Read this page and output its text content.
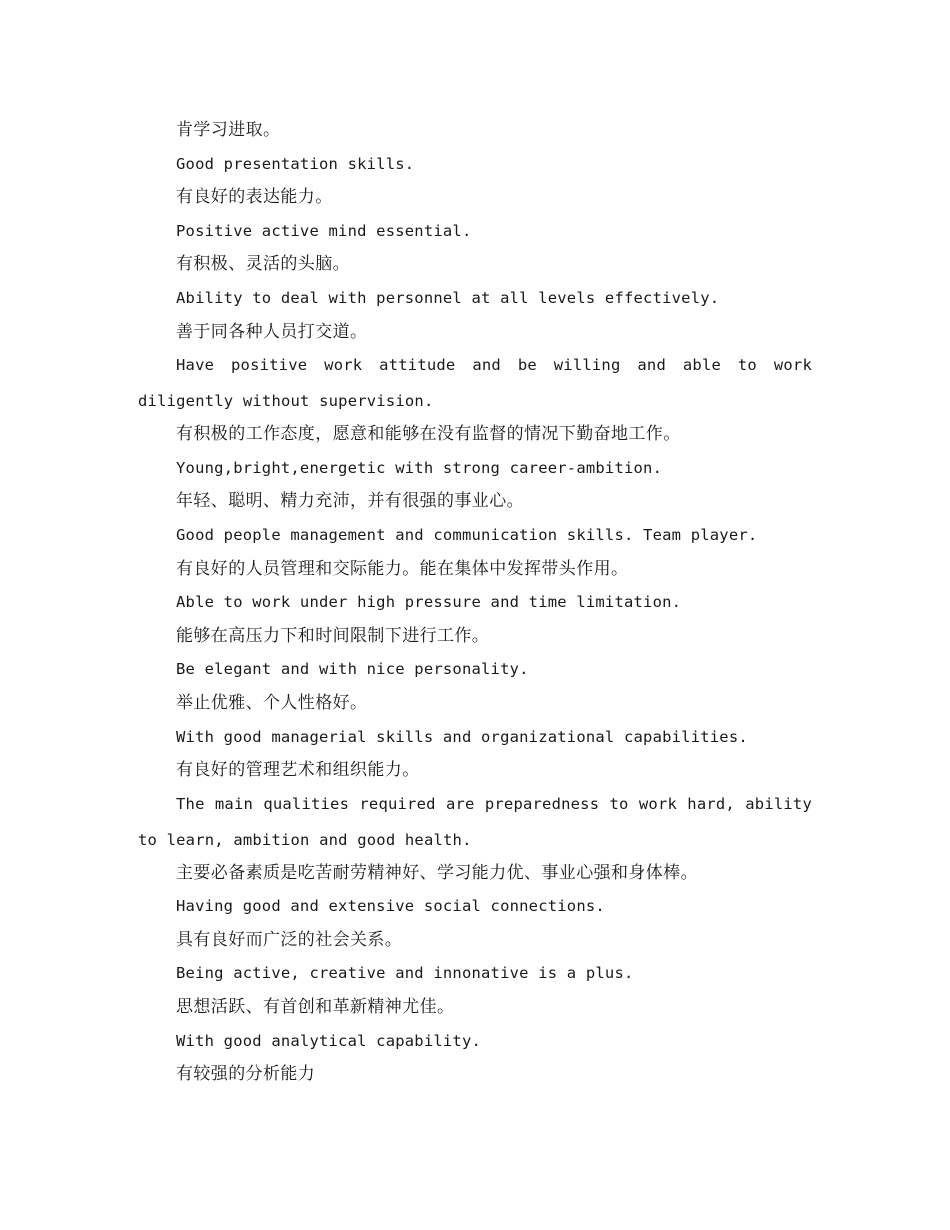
肯学习进取。
Good presentation skills.
有良好的表达能力。
Positive active mind essential.
有积极、灵活的头脑。
Ability to deal with personnel at all levels effectively.
善于同各种人员打交道。
Have positive work attitude and be willing and able to work diligently without supervision.
有积极的工作态度，愿意和能够在没有监督的情况下勤奋地工作。
Young,bright,energetic with strong career-ambition.
年轻、聪明、精力充沛，并有很强的事业心。
Good people management and communication skills. Team player.
有良好的人员管理和交际能力。能在集体中发挥带头作用。
Able to work under high pressure and time limitation.
能够在高压力下和时间限制下进行工作。
Be elegant and with nice personality.
举止优雅、个人性格好。
With good managerial skills and organizational capabilities.
有良好的管理艺术和组织能力。
The main qualities required are preparedness to work hard, ability to learn, ambition and good health.
主要必备素质是吃苦耐劳精神好、学习能力优、事业心强和身体棒。
Having good and extensive social connections.
具有良好而广泛的社会关系。
Being active, creative and innonative is a plus.
思想活跃、有首创和革新精神尤佳。
With good analytical capability.
有较强的分析能力
